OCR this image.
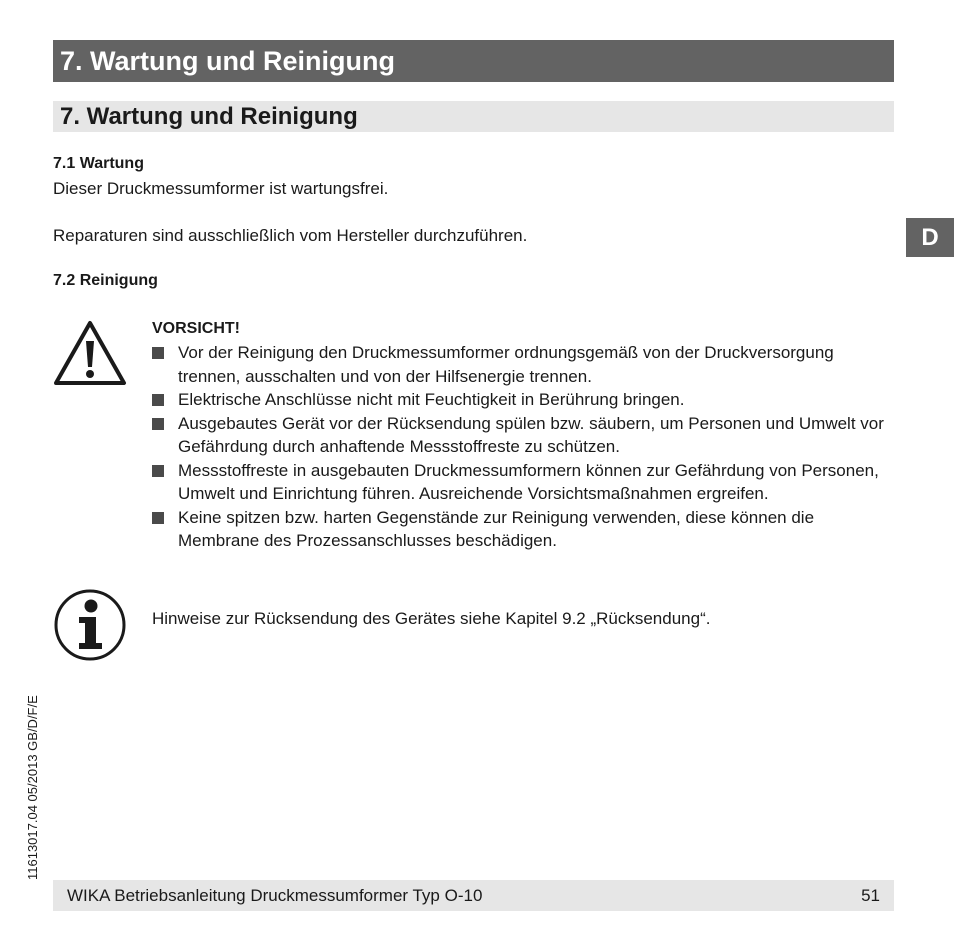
7. Wartung und Reinigung
7. Wartung und Reinigung
7.1 Wartung
Dieser Druckmessumformer ist wartungsfrei.
Reparaturen sind ausschließlich vom Hersteller durchzuführen.	D
7.2 Reinigung
VORSICHT!
Vor der Reinigung den Druckmessumformer ordnungsgemäß von der Druckversorgung trennen, ausschalten und von der Hilfsenergie trennen.
Elektrische Anschlüsse nicht mit Feuchtigkeit in Berührung bringen.
Ausgebautes Gerät vor der Rücksendung spülen bzw. säubern, um Personen und Umwelt vor Gefährdung durch anhaftende Messstoffreste zu schützen.
Messstoffreste in ausgebauten Druckmessumformern können zur Gefährdung von Personen, Umwelt und Einrichtung führen. Ausreichende Vorsichtsmaßnahmen ergreifen.
Keine spitzen bzw. harten Gegenstände zur Reinigung verwenden, diese können die Membrane des Prozessanschlusses beschädigen.
Hinweise zur Rücksendung des Gerätes siehe Kapitel 9.2 „Rücksendung“.
11613017.04 05/2013 GB/D/F/E
WIKA Betriebsanleitung Druckmessumformer Typ O-10	51
